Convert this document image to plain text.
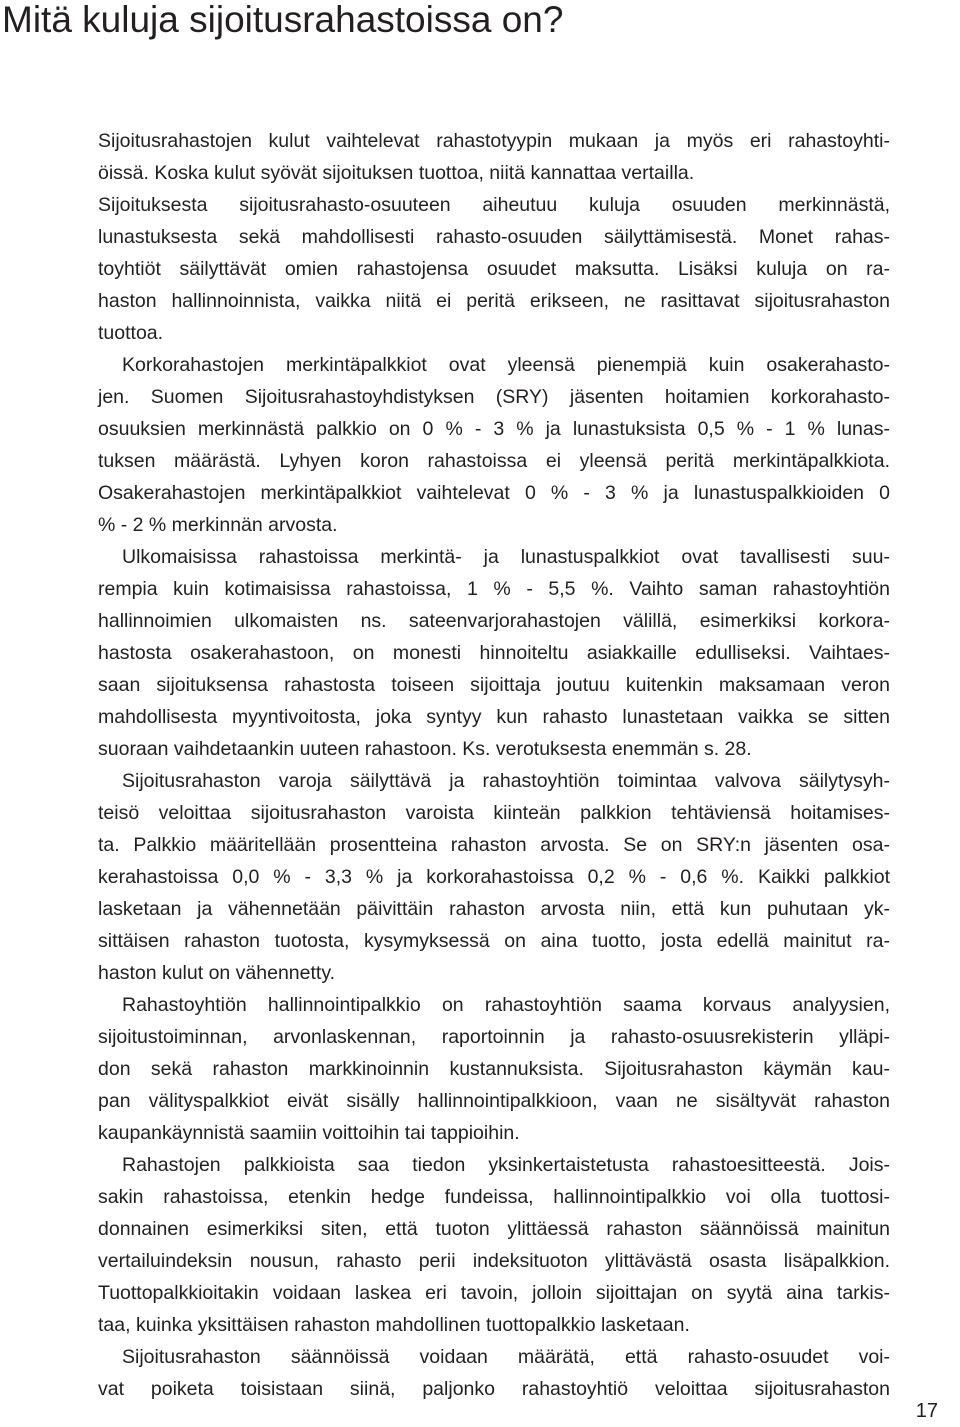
Mitä kuluja sijoitusrahastoissa on?
Sijoitusrahastojen kulut vaihtelevat rahastotyypin mukaan ja myös eri rahastoyhti-
öissä. Koska kulut syövät sijoituksen tuottoa, niitä kannattaa vertailla.
Sijoituksesta sijoitusrahasto-osuuteen aiheutuu kuluja osuuden merkinnästä,
lunastuksesta sekä mahdollisesti rahasto-osuuden säilyttämisestä. Monet rahas-
toyhtiöt säilyttävät omien rahastojensa osuudet maksutta. Lisäksi kuluja on ra-
haston hallinnoinnista, vaikka niitä ei peritä erikseen, ne rasittavat sijoitusrahaston
tuottoa.
Korkorahastojen merkintäpalkkiot ovat yleensä pienempiä kuin osakerahasto-
jen. Suomen Sijoitusrahastoyhdistyksen (SRY) jäsenten hoitamien korkorahasto-
osuuksien merkinnästä palkkio on 0 % - 3 % ja lunastuksista 0,5 % - 1 % lunas-
tuksen määrästä. Lyhyen koron rahastoissa ei yleensä peritä merkintäpalkkiota.
Osakerahastojen merkintäpalkkiot vaihtelevat 0 % - 3 % ja lunastuspalkkioiden 0
% - 2 % merkinnän arvosta.
Ulkomaisissa rahastoissa merkintä- ja lunastuspalkkiot ovat tavallisesti suu-
rempia kuin kotimaisissa rahastoissa, 1 % - 5,5 %. Vaihto saman rahastoyhtiön
hallinnoimien ulkomaisten ns. sateenvarjorahastojen välillä, esimerkiksi korkora-
hastosta osakerahastoon, on monesti hinnoiteltu asiakkaille edulliseksi. Vaihtaes-
saan sijoituksensa rahastosta toiseen sijoittaja joutuu kuitenkin maksamaan veron
mahdollisesta myyntivoitosta, joka syntyy kun rahasto lunastetaan vaikka se sitten
suoraan vaihdetaankin uuteen rahastoon. Ks. verotuksesta enemmän s. 28.
Sijoitusrahaston varoja säilyttävä ja rahastoyhtiön toimintaa valvova säilytysyh-
teisö veloittaa sijoitusrahaston varoista kiinteän palkkion tehtäviensä hoitamises-
ta. Palkkio määritellään prosentteina rahaston arvosta. Se on SRY:n jäsenten osa-
kerahastoissa 0,0 % - 3,3 % ja korkorahastoissa 0,2 % - 0,6 %. Kaikki palkkiot
lasketaan ja vähennetään päivittäin rahaston arvosta niin, että kun puhutaan yk-
sittäisen rahaston tuotosta, kysymyksessä on aina tuotto, josta edellä mainitut ra-
haston kulut on vähennetty.
Rahastoyhtiön hallinnointipalkkio on rahastoyhtiön saama korvaus analyysien,
sijoitustoiminnan, arvonlaskennan, raportoinnin ja rahasto-osuusrekisterin ylläpi-
don sekä rahaston markkinoinnin kustannuksista. Sijoitusrahaston käymän kau-
pan välityspalkkiot eivät sisälly hallinnointipalkkioon, vaan ne sisältyvät rahaston
kaupankäynnistä saamiin voittoihin tai tappioihin.
Rahastojen palkkioista saa tiedon yksinkertaistetusta rahastoesitteestä. Jois-
sakin rahastoissa, etenkin hedge fundeissa, hallinnointipalkkio voi olla tuottosi-
donnainen esimerkiksi siten, että tuoton ylittäessä rahaston säännöissä mainitun
vertailuindeksin nousun, rahasto perii indeksituoton ylittävästä osasta lisäpalkkion.
Tuottopalkkioitakin voidaan laskea eri tavoin, jolloin sijoittajan on syytä aina tarkis-
taa, kuinka yksittäisen rahaston mahdollinen tuottopalkkio lasketaan.
Sijoitusrahaston säännöissä voidaan määrätä, että rahasto-osuudet voi-
vat poiketa toisistaan siinä, paljonko rahastoyhtiö veloittaa sijoitusrahaston
17
